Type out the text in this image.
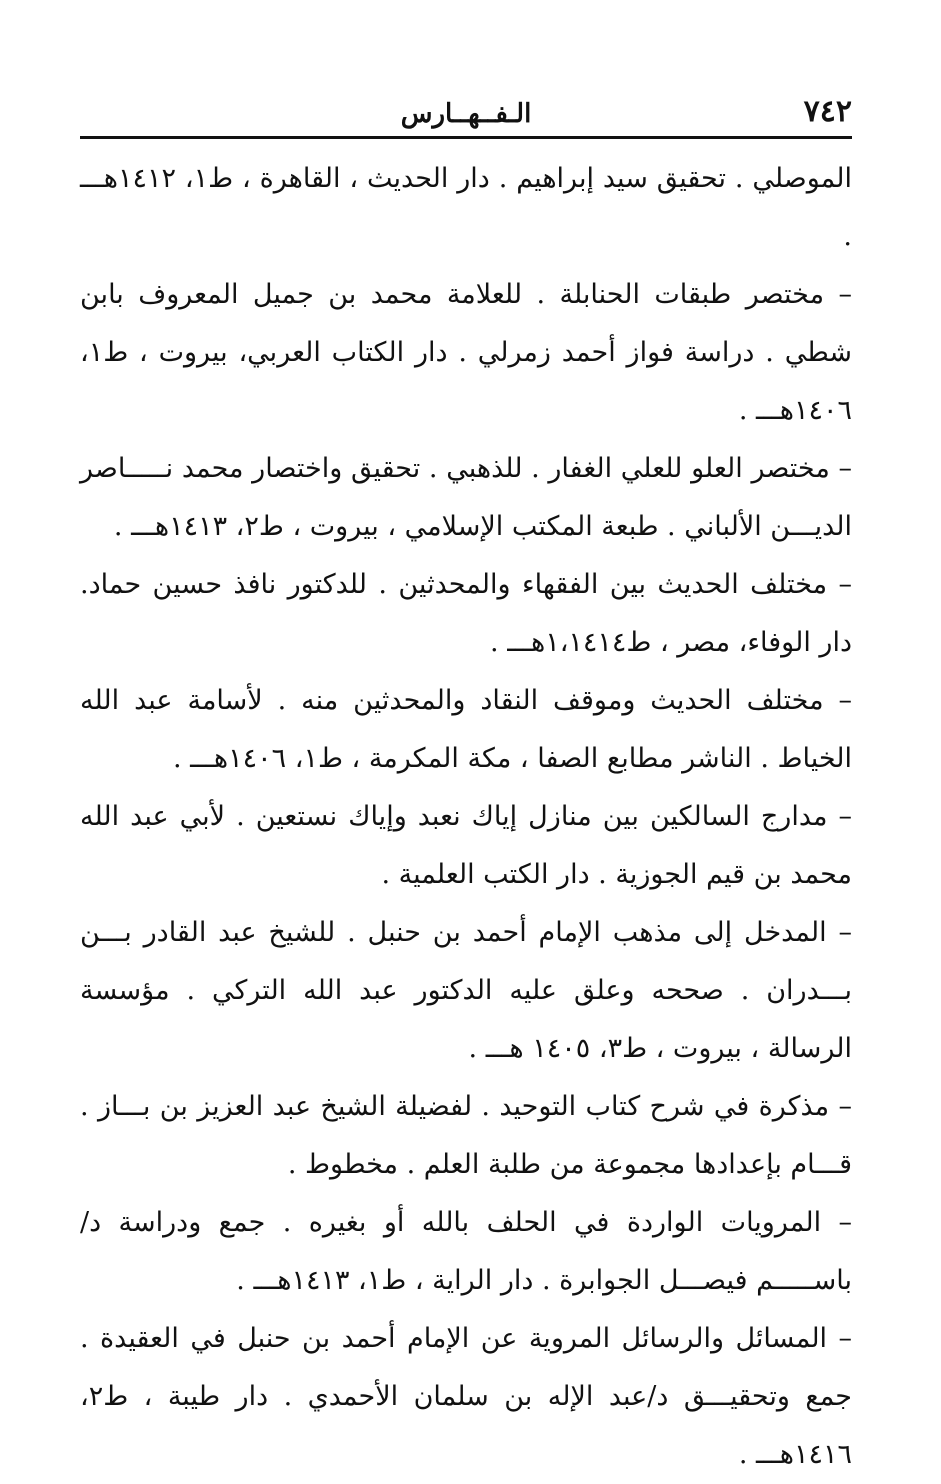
٧٤٢
الـفــهــارس

الموصلي . تحقيق سيد إبراهيم . دار الحديث ، القاهرة ، ط١، ١٤١٢هـــ .

– مختصر طبقات الحنابلة . للعلامة محمد بن جميل المعروف بابن شطي . دراسة فواز أحمد زمرلي . دار الكتاب العربي، بيروت ، ط١، ١٤٠٦هـــ .

– مختصر العلو للعلي الغفار . للذهبي . تحقيق واختصار محمد نـــــاصر الديـــن الألباني . طبعة المكتب الإسلامي ، بيروت ، ط٢، ١٤١٣هـــ .

– مختلف الحديث بين الفقهاء والمحدثين . للدكتور نافذ حسين حماد. دار الوفاء، مصر ، ط١،١٤١٤هـــ .

– مختلف الحديث وموقف النقاد والمحدثين منه . لأسامة عبد الله الخياط . الناشر مطابع الصفا ، مكة المكرمة ، ط١، ١٤٠٦هـــ .

– مدارج السالكين بين منازل إياك نعبد وإياك نستعين . لأبي عبد الله محمد بن قيم الجوزية . دار الكتب العلمية .

– المدخل إلى مذهب الإمام أحمد بن حنبل . للشيخ عبد القادر بـــن بـــدران . صححه وعلق عليه الدكتور عبد الله التركي . مؤسسة الرسالة ، بيروت ، ط٣، ١٤٠٥ هـــ .

– مذكرة في شرح كتاب التوحيد . لفضيلة الشيخ عبد العزيز بن بـــاز . قـــام بإعدادها مجموعة من طلبة العلم . مخطوط .

– المرويات الواردة في الحلف بالله أو بغيره . جمع ودراسة د/ باســـــم فيصـــل الجوابرة . دار الراية ، ط١، ١٤١٣هـــ .

– المسائل والرسائل المروية عن الإمام أحمد بن حنبل في العقيدة . جمع وتحقيـــق د/عبد الإله بن سلمان الأحمدي . دار طيبة ، ط٢، ١٤١٦هـــ .
